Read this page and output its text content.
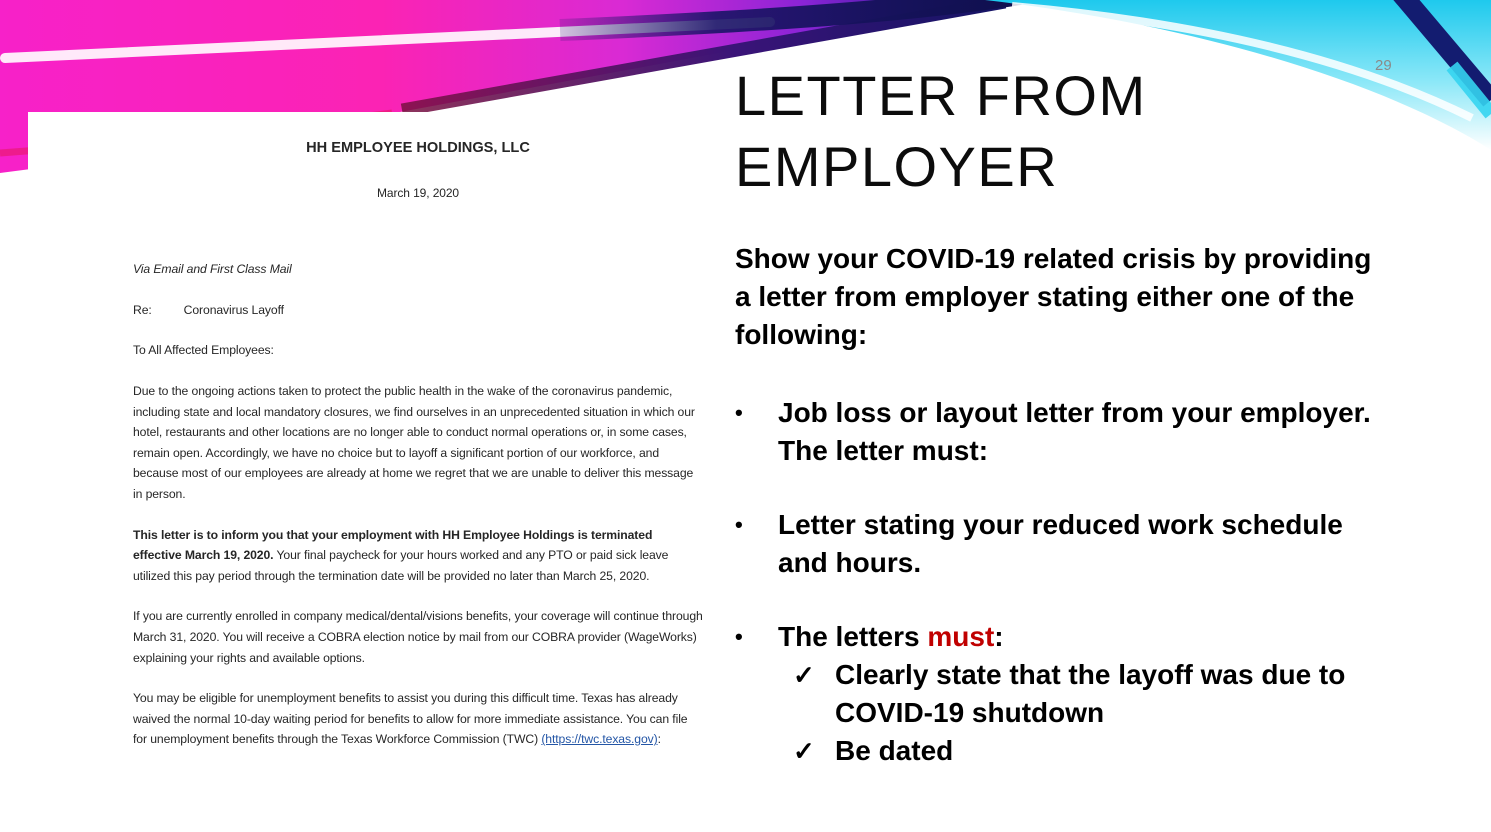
29
HH EMPLOYEE HOLDINGS, LLC
March 19, 2020
Via Email and First Class Mail
Re:	Coronavirus Layoff
To All Affected Employees:
Due to the ongoing actions taken to protect the public health in the wake of the coronavirus pandemic, including state and local mandatory closures, we find ourselves in an unprecedented situation in which our hotel, restaurants and other locations are no longer able to conduct normal operations or, in some cases, remain open. Accordingly, we have no choice but to layoff a significant portion of our workforce, and because most of our employees are already at home we regret that we are unable to deliver this message in person.
This letter is to inform you that your employment with HH Employee Holdings is terminated effective March 19, 2020. Your final paycheck for your hours worked and any PTO or paid sick leave utilized this pay period through the termination date will be provided no later than March 25, 2020.
If you are currently enrolled in company medical/dental/visions benefits, your coverage will continue through March 31, 2020. You will receive a COBRA election notice by mail from our COBRA provider (WageWorks) explaining your rights and available options.
You may be eligible for unemployment benefits to assist you during this difficult time. Texas has already waived the normal 10-day waiting period for benefits to allow for more immediate assistance. You can file for unemployment benefits through the Texas Workforce Commission (TWC) (https://twc.texas.gov):
LETTER FROM EMPLOYER
Show your COVID-19 related crisis by providing a letter from employer stating either one of the following:
•	Job loss or layout letter from your employer. The letter must:
•	Letter stating your reduced work schedule and hours.
•	The letters must:
✓ Clearly state that the layoff was due to COVID-19 shutdown
✓ Be dated
